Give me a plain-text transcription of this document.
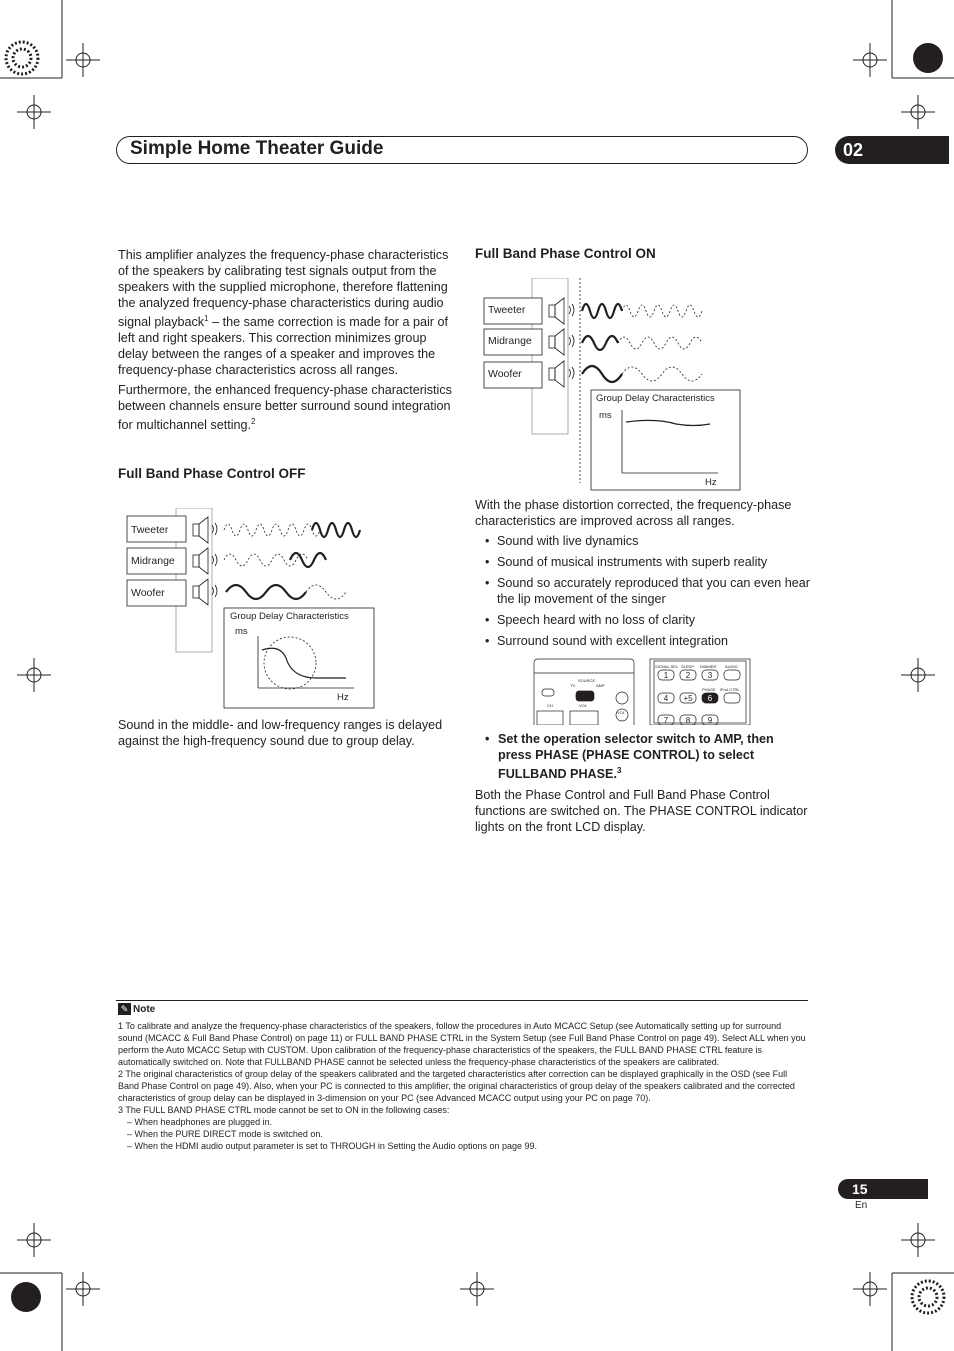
Simple Home Theater Guide	02

This amplifier analyzes the frequency-phase characteristics of the speakers by calibrating test signals output from the speakers with the supplied microphone, therefore flattening the analyzed frequency-phase characteristics during audio signal playback$^1$ – the same correction is made for a pair of left and right speakers. This correction minimizes group delay between the ranges of a speaker and improves the frequency-phase characteristics across all ranges.

Furthermore, the enhanced frequency-phase characteristics between channels ensure better surround sound integration for multichannel setting.$^2$

Full Band Phase Control OFF
Tweeter
Midrange
Woofer
Group Delay Characteristics
ms
Hz
Sound in the middle- and low-frequency ranges is delayed against the high-frequency sound due to group delay.
Full Band Phase Control ON
Tweeter
Midrange
Woofer
Group Delay Characteristics
ms
Hz
With the phase distortion corrected, the frequency-phase characteristics are improved across all ranges.
• Sound with live dynamics
• Sound of musical instruments with superb reality
• Sound so accurately reproduced that you can even hear the lip movement of the singer
• Speech heard with no loss of clarity
• Surround sound with excellent integration
SOURCE
TV	AMP
CH	VOL
VOL
SIGNAL SEL SLEEP DIMMER AUDIO
PHASE iPod CTRL
1 2 3
4 +5 6
7 8 9
• Set the operation selector switch to AMP, then press PHASE (PHASE CONTROL) to select FULLBAND PHASE.$^3$
Both the Phase Control and Full Band Phase Control functions are switched on. The PHASE CONTROL indicator lights on the front LCD display.
✎ Note

1 To calibrate and analyze the frequency-phase characteristics of the speakers, follow the procedures in Auto MCACC Setup (see Automatically setting up for surround sound (MCACC & Full Band Phase Control) on page 11) or FULL BAND PHASE CTRL in the System Setup (see Full Band Phase Control on page 49). Select ALL when you perform the Auto MCACC Setup with CUSTOM. Upon calibration of the frequency-phase characteristics of the speakers, the FULL BAND PHASE CTRL feature is automatically switched on. Note that FULLBAND PHASE cannot be selected unless the frequency-phase characteristics of the speakers are calibrated.

2 The original characteristics of group delay of the speakers calibrated and the targeted characteristics after correction can be displayed graphically in the OSD (see Full Band Phase Control on page 49). Also, when your PC is connected to this amplifier, the original characteristics of group delay of the speakers calibrated and the corrected characteristics of group delay can be displayed in 3-dimension on your PC (see Advanced MCACC output using your PC on page 70).

3 The FULL BAND PHASE CTRL mode cannot be set to ON in the following cases:

– When headphones are plugged in.

– When the PURE DIRECT mode is switched on.

– When the HDMI audio output parameter is set to THROUGH in Setting the Audio options on page 99.

15
En
